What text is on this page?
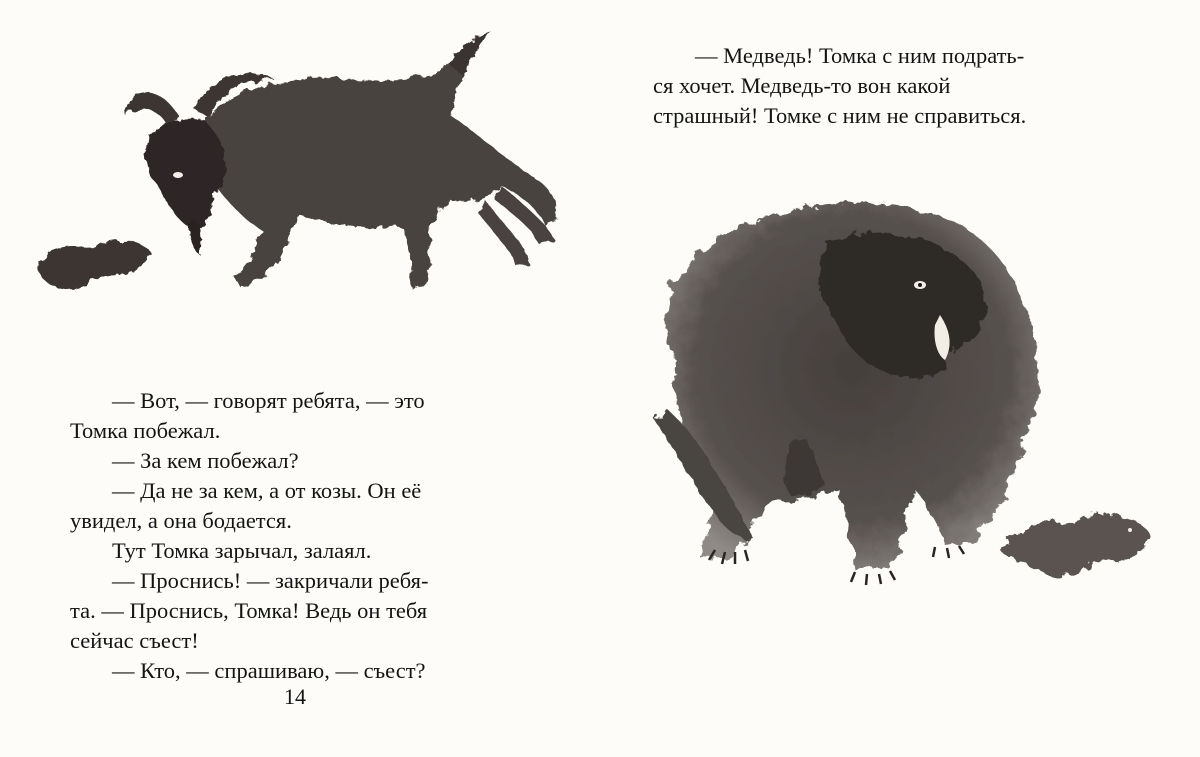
— Вот, — говорят ребята, — это

Томка побежал.

— За кем побежал?

— Да не за кем, а от козы. Он её

увидел, а она бодается.

Тут Томка зарычал, залаял.

— Проснись! — закричали ребя-

та. — Проснись, Томка! Ведь он тебя

сейчас съест!

— Кто, — спрашиваю, — съест?

14

— Медведь! Томка с ним подрать-

ся хочет. Медведь-то вон какой

страшный! Томке с ним не справиться.
